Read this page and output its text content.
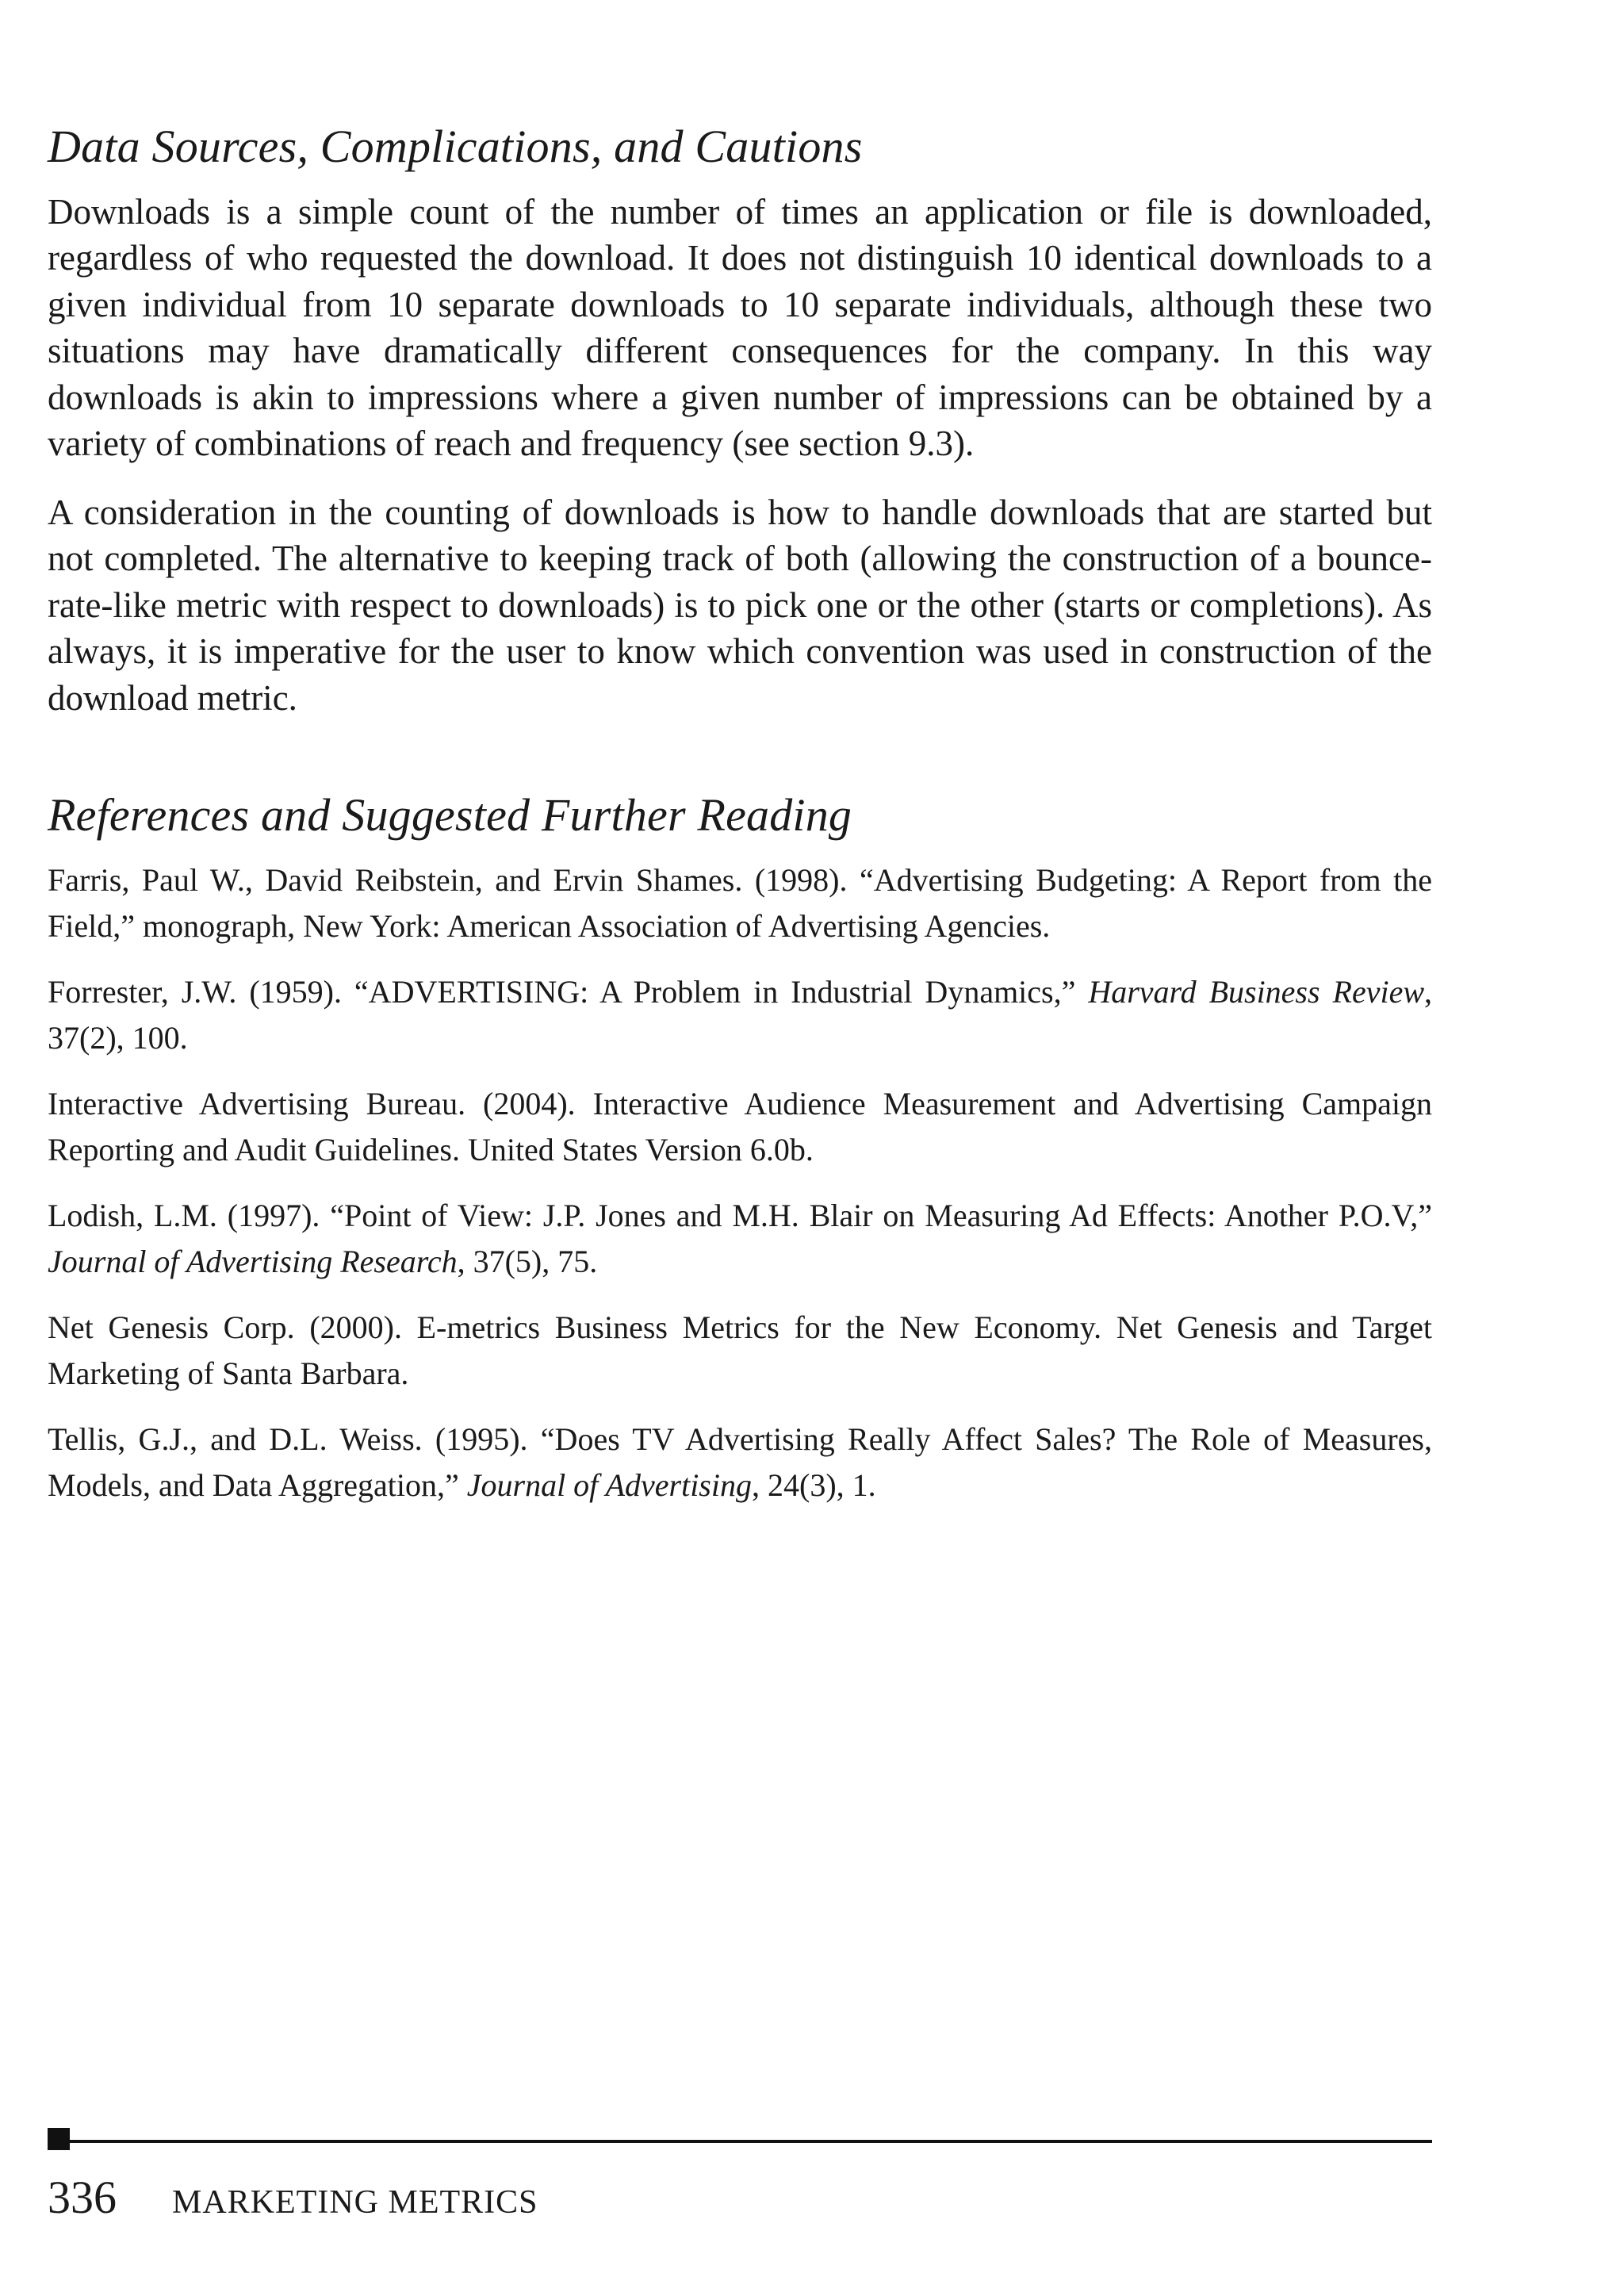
Data Sources, Complications, and Cautions

Downloads is a simple count of the number of times an application or file is downloaded, regardless of who requested the download. It does not distinguish 10 identical downloads to a given individual from 10 separate downloads to 10 separate individuals, although these two situations may have dramatically different consequences for the company. In this way downloads is akin to impressions where a given number of impressions can be obtained by a variety of combinations of reach and frequency (see section 9.3).

A consideration in the counting of downloads is how to handle downloads that are started but not completed. The alternative to keeping track of both (allowing the construction of a bounce-rate-like metric with respect to downloads) is to pick one or the other (starts or completions). As always, it is imperative for the user to know which convention was used in construction of the download metric.

References and Suggested Further Reading

Farris, Paul W., David Reibstein, and Ervin Shames. (1998). “Advertising Budgeting: A Report from the Field,” monograph, New York: American Association of Advertising Agencies.

Forrester, J.W. (1959). “ADVERTISING: A Problem in Industrial Dynamics,” Harvard Business Review, 37(2), 100.

Interactive Advertising Bureau. (2004). Interactive Audience Measurement and Advertising Campaign Reporting and Audit Guidelines. United States Version 6.0b.

Lodish, L.M. (1997). “Point of View: J.P. Jones and M.H. Blair on Measuring Ad Effects: Another P.O.V,” Journal of Advertising Research, 37(5), 75.

Net Genesis Corp. (2000). E-metrics Business Metrics for the New Economy. Net Genesis and Target Marketing of Santa Barbara.

Tellis, G.J., and D.L. Weiss. (1995). “Does TV Advertising Really Affect Sales? The Role of Measures, Models, and Data Aggregation,” Journal of Advertising, 24(3), 1.

336 MARKETING METRICS
